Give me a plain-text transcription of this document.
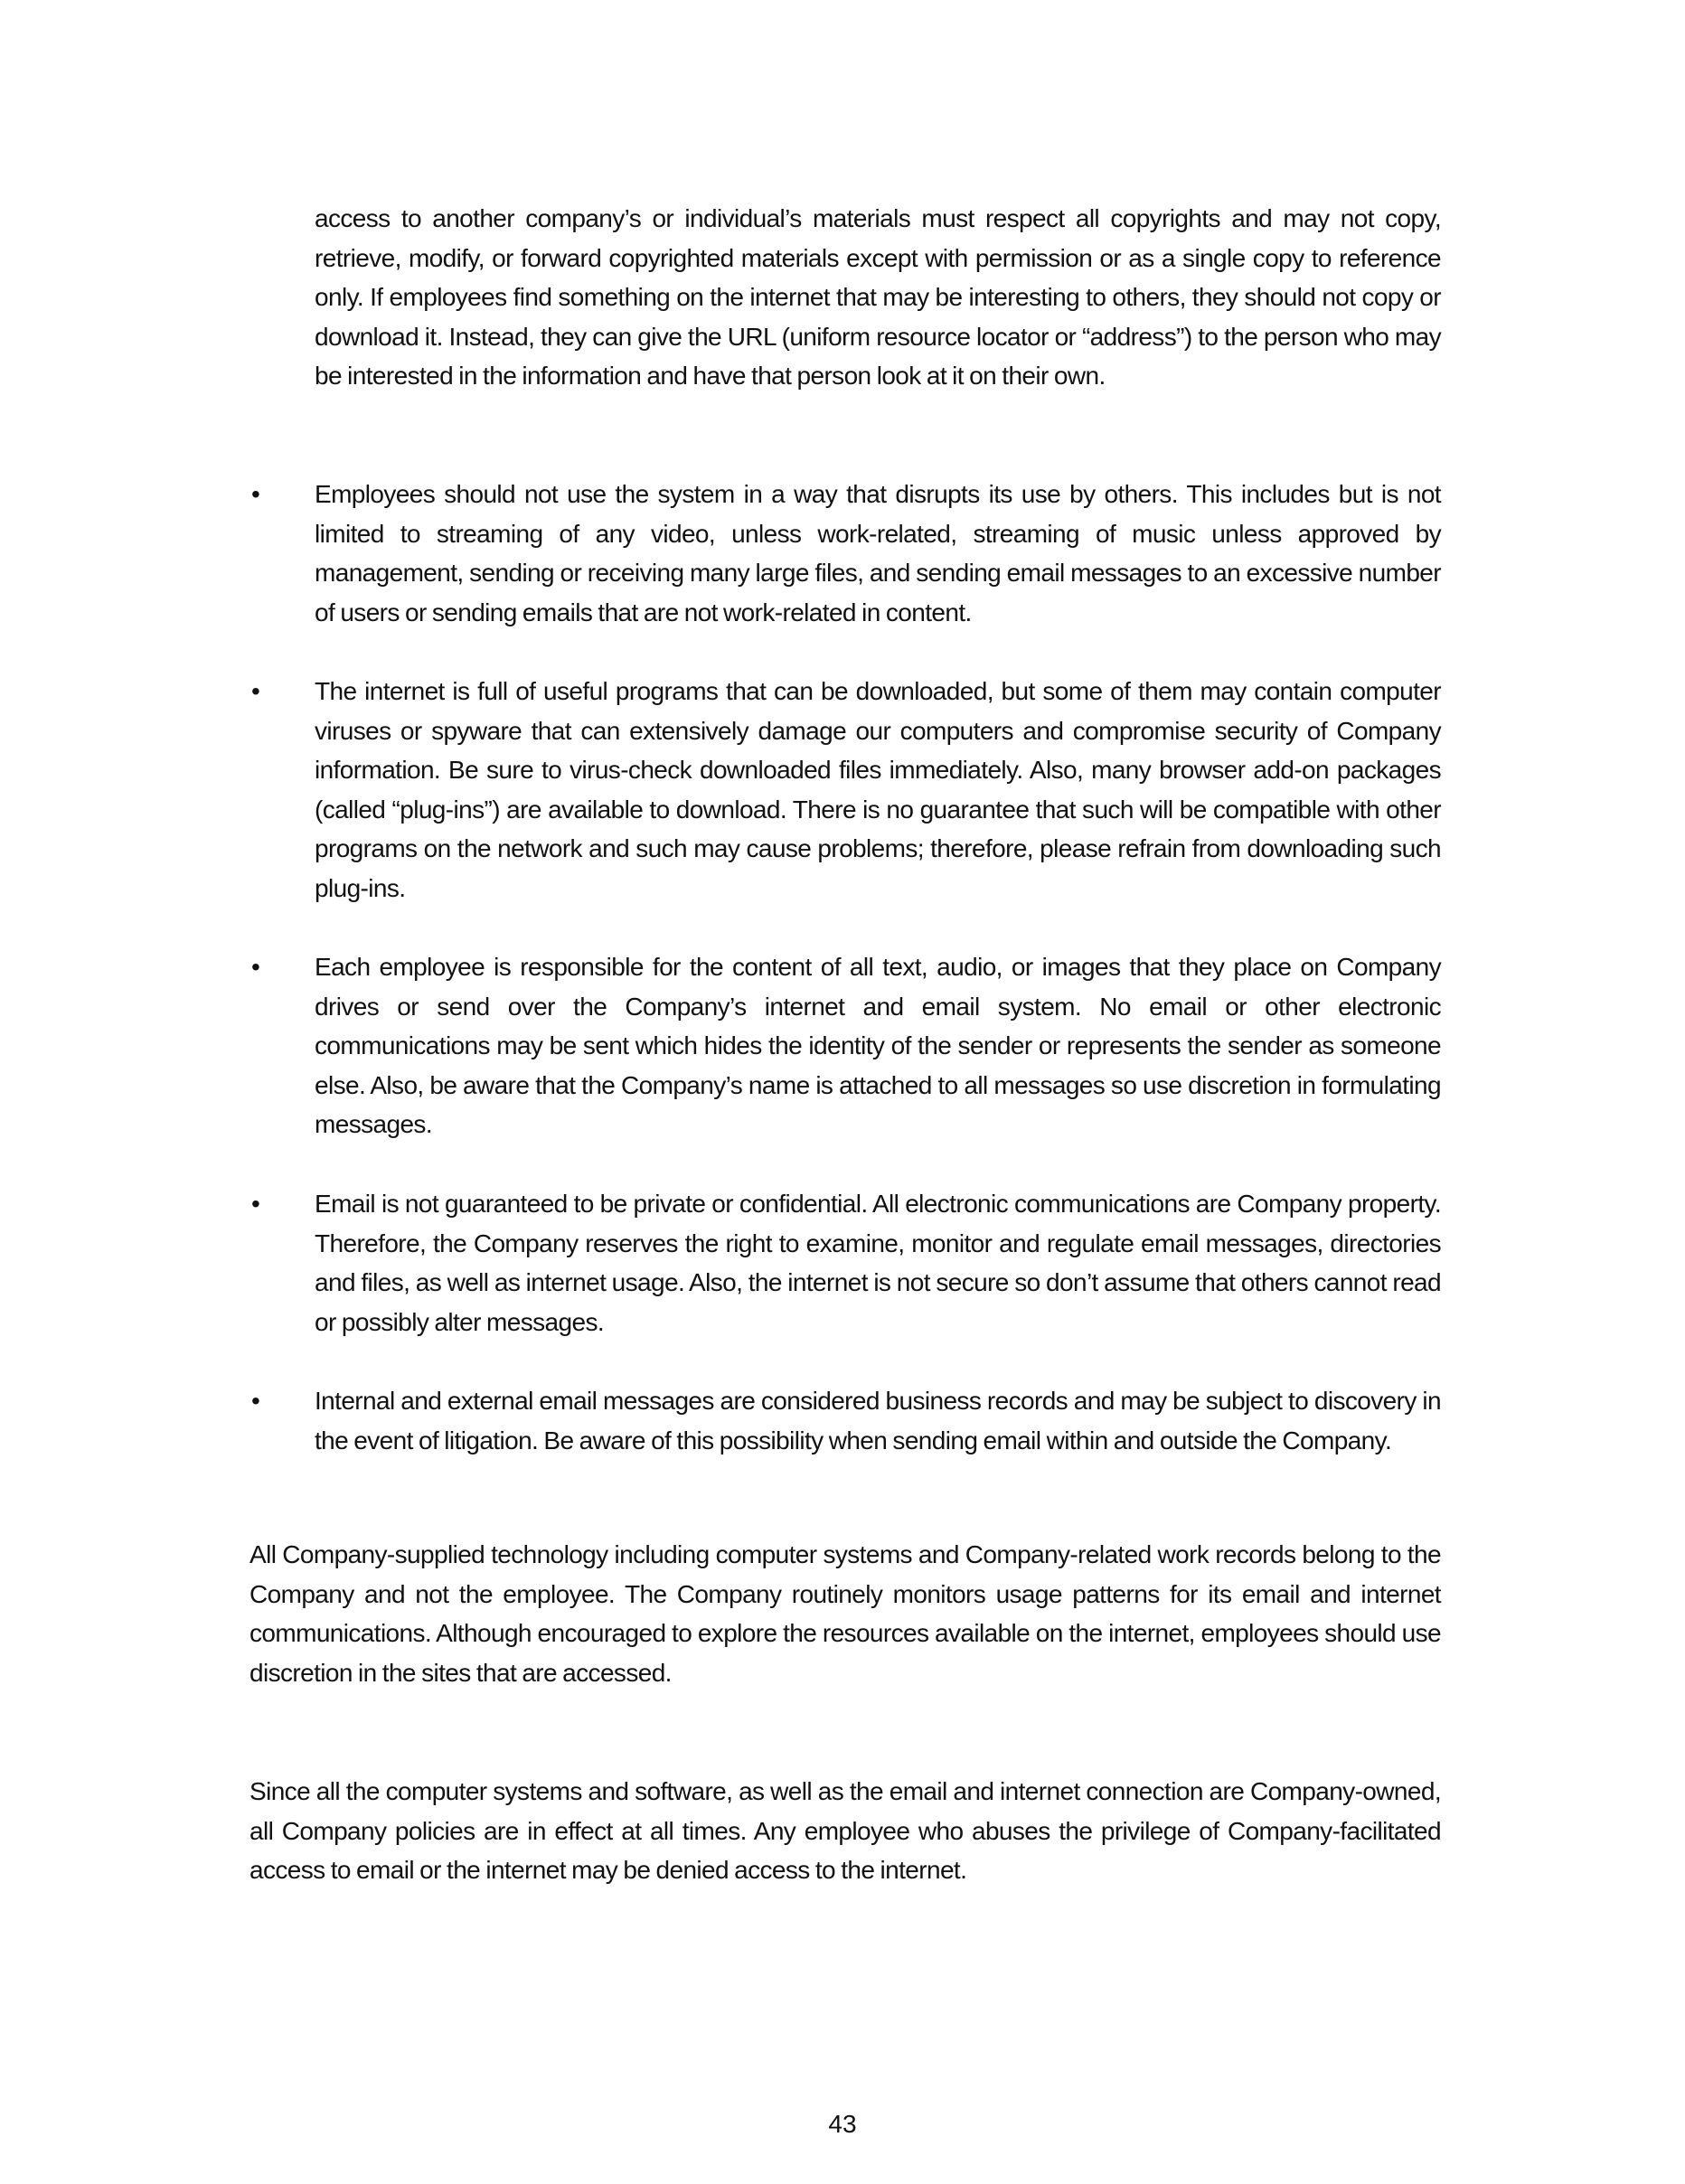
access to another company’s or individual’s materials must respect all copyrights and may not copy, retrieve, modify, or forward copyrighted materials except with permission or as a single copy to reference only. If employees find something on the internet that may be interesting to others, they should not copy or download it. Instead, they can give the URL (uniform resource locator or “address”) to the person who may be interested in the information and have that person look at it on their own.
•	Employees should not use the system in a way that disrupts its use by others. This includes but is not limited to streaming of any video, unless work-related, streaming of music unless approved by management, sending or receiving many large files, and sending email messages to an excessive number of users or sending emails that are not work-related in content.
•	The internet is full of useful programs that can be downloaded, but some of them may contain computer viruses or spyware that can extensively damage our computers and compromise security of Company information. Be sure to virus-check downloaded files immediately. Also, many browser add-on packages (called “plug-ins”) are available to download. There is no guarantee that such will be compatible with other programs on the network and such may cause problems; therefore, please refrain from downloading such plug-ins.
•	Each employee is responsible for the content of all text, audio, or images that they place on Company drives or send over the Company’s internet and email system. No email or other electronic communications may be sent which hides the identity of the sender or represents the sender as someone else. Also, be aware that the Company’s name is attached to all messages so use discretion in formulating messages.
•	Email is not guaranteed to be private or confidential. All electronic communications are Company property. Therefore, the Company reserves the right to examine, monitor and regulate email messages, directories and files, as well as internet usage. Also, the internet is not secure so don’t assume that others cannot read or possibly alter messages.
•	Internal and external email messages are considered business records and may be subject to discovery in the event of litigation. Be aware of this possibility when sending email within and outside the Company.

All Company-supplied technology including computer systems and Company-related work records belong to the Company and not the employee. The Company routinely monitors usage patterns for its email and internet communications. Although encouraged to explore the resources available on the internet, employees should use discretion in the sites that are accessed.

Since all the computer systems and software, as well as the email and internet connection are Company-owned, all Company policies are in effect at all times. Any employee who abuses the privilege of Company-facilitated access to email or the internet may be denied access to the internet.

43
